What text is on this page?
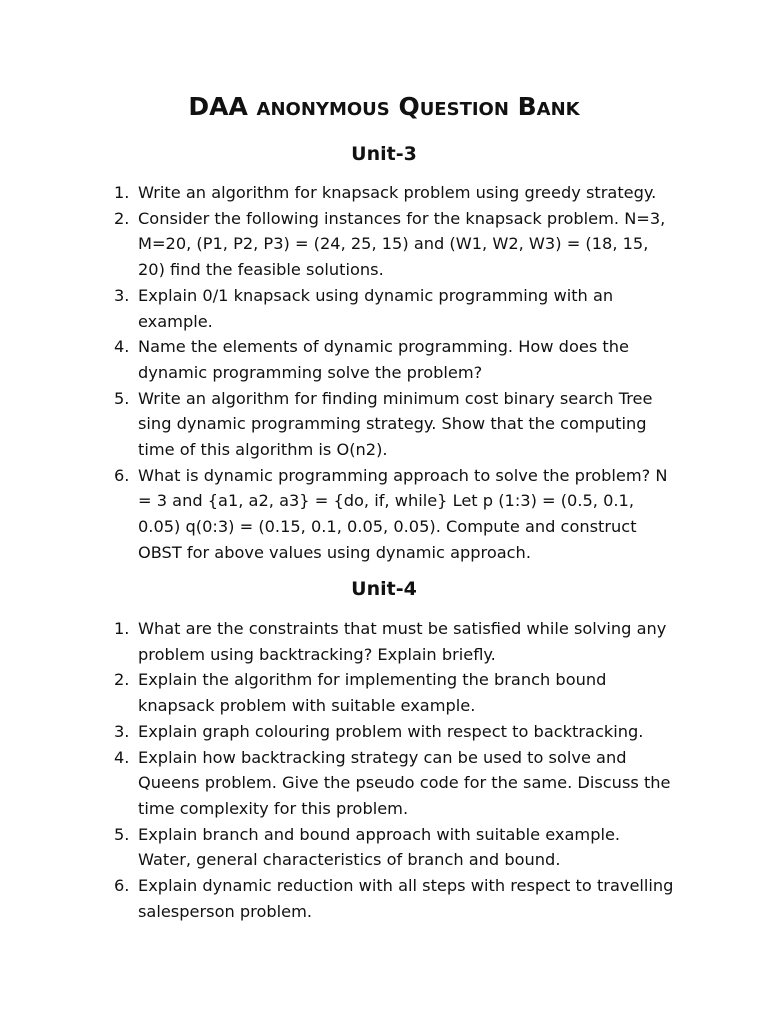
DAA anonymous Question Bank
Unit-3
1. Write an algorithm for knapsack problem using greedy strategy.
2. Consider the following instances for the knapsack problem. N=3, M=20, (P1, P2, P3) = (24, 25, 15) and (W1, W2, W3) = (18, 15, 20) find the feasible solutions.
3. Explain 0/1 knapsack using dynamic programming with an example.
4. Name the elements of dynamic programming. How does the dynamic programming solve the problem?
5. Write an algorithm for finding minimum cost binary search Tree sing dynamic programming strategy. Show that the computing time of this algorithm is O(n2).
6. What is dynamic programming approach to solve the problem? N = 3 and {a1, a2, a3} = {do, if, while} Let p (1:3) = (0.5, 0.1, 0.05) q(0:3) = (0.15, 0.1, 0.05, 0.05). Compute and construct OBST for above values using dynamic approach.
Unit-4
1. What are the constraints that must be satisfied while solving any problem using backtracking? Explain briefly.
2. Explain the algorithm for implementing the branch bound knapsack problem with suitable example.
3. Explain graph colouring problem with respect to backtracking.
4. Explain how backtracking strategy can be used to solve and Queens problem. Give the pseudo code for the same. Discuss the time complexity for this problem.
5. Explain branch and bound approach with suitable example. Water, general characteristics of branch and bound.
6. Explain dynamic reduction with all steps with respect to travelling salesperson problem.
